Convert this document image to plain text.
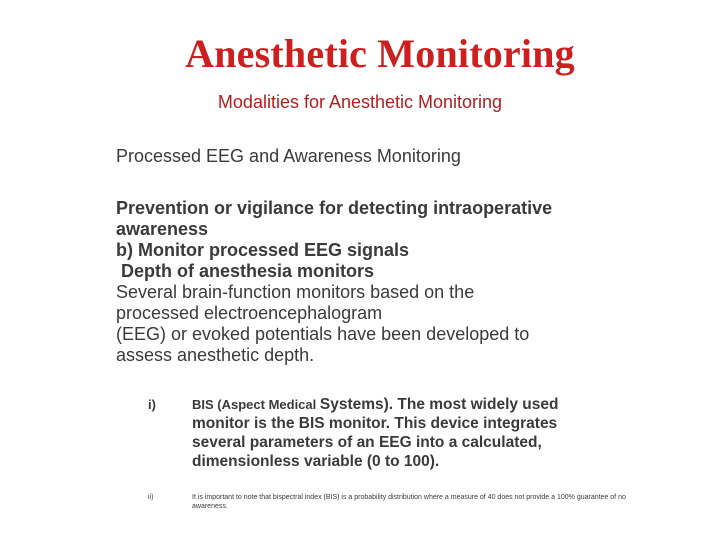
Anesthetic Monitoring
Modalities for Anesthetic Monitoring
Processed EEG and Awareness Monitoring
Prevention or vigilance for detecting intraoperative
awareness
b) Monitor processed EEG signals
Depth of anesthesia monitors
Several brain-function monitors based on the
processed electroencephalogram
(EEG) or evoked potentials have been developed to
assess anesthetic depth.
i)	BIS (Aspect Medical Systems). The most widely used
monitor is the BIS monitor. This device integrates
several parameters of an EEG into a calculated,
dimensionless variable (0 to 100).
ii)	It is important to note that bispectral index (BIS) is a probability distribution where a measure of 40 does not provide a 100% guarantee of no awareness.
